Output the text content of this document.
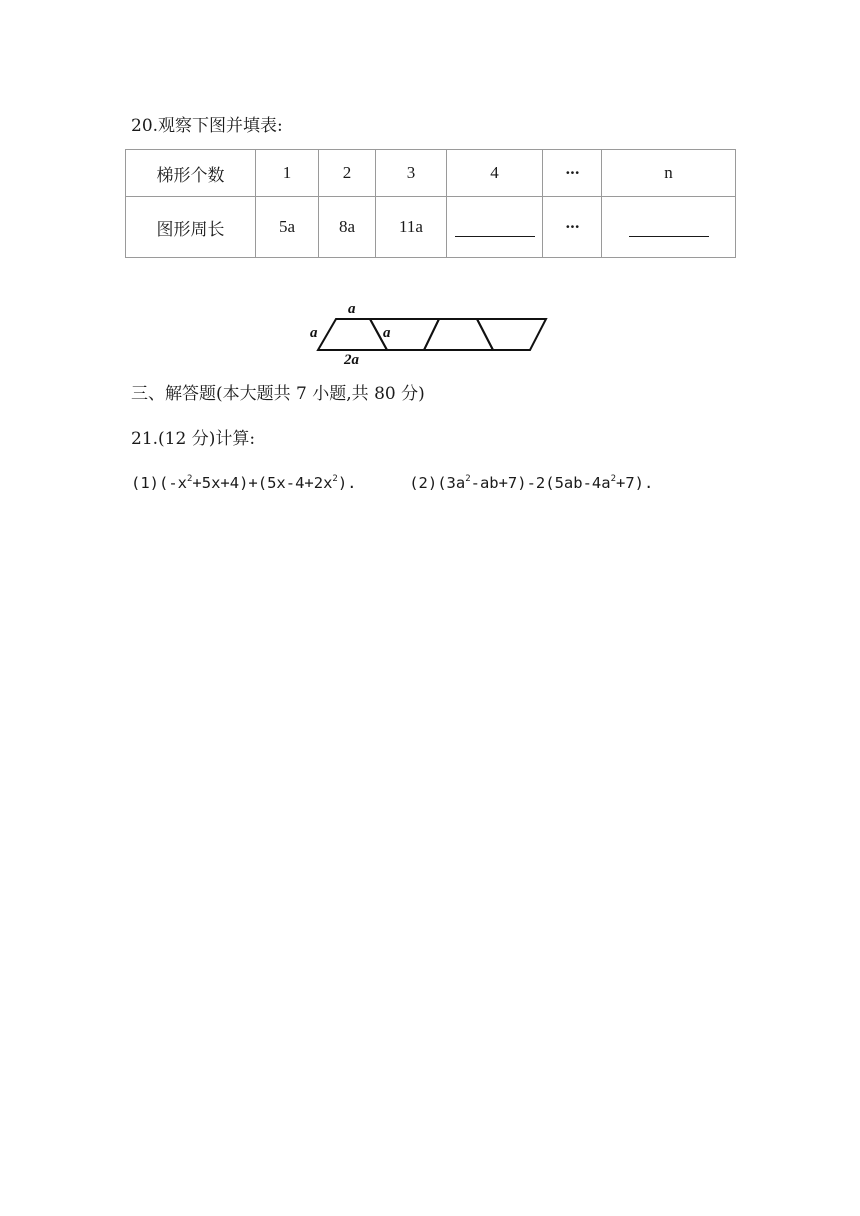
20.观察下图并填表:
梯形个数	1	2	3	4	···	n
图形周长	5a	8a	11a		···	
a
a	a
2a
三、解答题(本大题共 7 小题,共 80 分)
21.(12 分)计算:
$(1)(-x^2+5x+4)+(5x-4+2x^2)$.	$(2)(3a^2-ab+7)-2(5ab-4a^2+7)$.
